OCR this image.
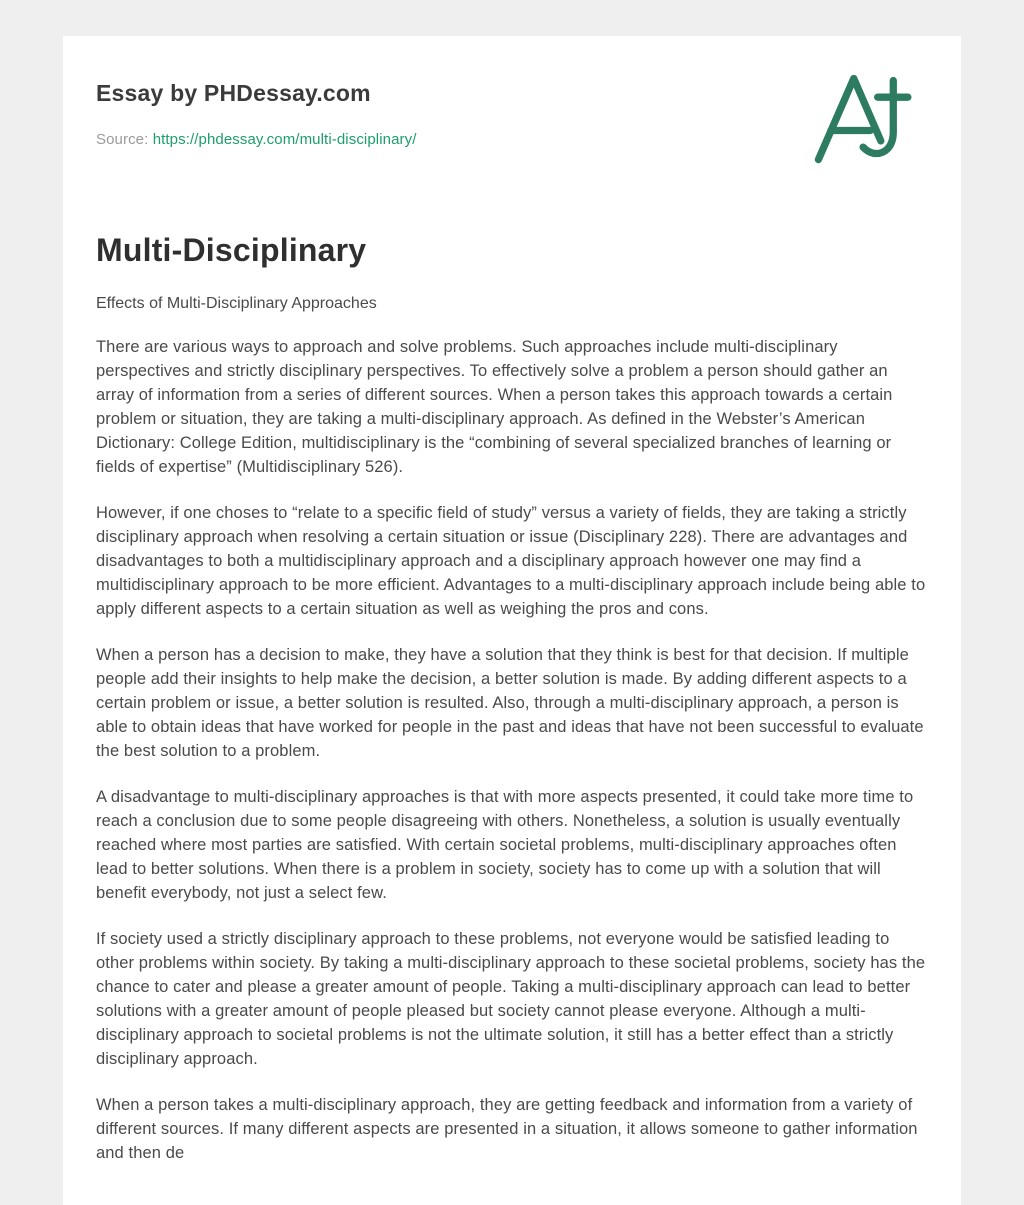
Essay by PHDessay.com
Source: https://phdessay.com/multi-disciplinary/
Multi-Disciplinary
Effects of Multi-Disciplinary Approaches

There are various ways to approach and solve problems. Such approaches include multi-disciplinary perspectives and strictly disciplinary perspectives. To effectively solve a problem a person should gather an array of information from a series of different sources. When a person takes this approach towards a certain problem or situation, they are taking a multi-disciplinary approach. As defined in the Webster’s American Dictionary: College Edition, multidisciplinary is the “combining of several specialized branches of learning or fields of expertise” (Multidisciplinary 526).

However, if one choses to “relate to a specific field of study” versus a variety of fields, they are taking a strictly disciplinary approach when resolving a certain situation or issue (Disciplinary 228). There are advantages and disadvantages to both a multidisciplinary approach and a disciplinary approach however one may find a multidisciplinary approach to be more efficient. Advantages to a multi-disciplinary approach include being able to apply different aspects to a certain situation as well as weighing the pros and cons.

When a person has a decision to make, they have a solution that they think is best for that decision. If multiple people add their insights to help make the decision, a better solution is made. By adding different aspects to a certain problem or issue, a better solution is resulted. Also, through a multi-disciplinary approach, a person is able to obtain ideas that have worked for people in the past and ideas that have not been successful to evaluate the best solution to a problem.

A disadvantage to multi-disciplinary approaches is that with more aspects presented, it could take more time to reach a conclusion due to some people disagreeing with others. Nonetheless, a solution is usually eventually reached where most parties are satisfied. With certain societal problems, multi-disciplinary approaches often lead to better solutions. When there is a problem in society, society has to come up with a solution that will benefit everybody, not just a select few.

If society used a strictly disciplinary approach to these problems, not everyone would be satisfied leading to other problems within society. By taking a multi-disciplinary approach to these societal problems, society has the chance to cater and please a greater amount of people. Taking a multi-disciplinary approach can lead to better solutions with a greater amount of people pleased but society cannot please everyone. Although a multi-disciplinary approach to societal problems is not the ultimate solution, it still has a better effect than a strictly disciplinary approach.

When a person takes a multi-disciplinary approach, they are getting feedback and information from a variety of different sources. If many different aspects are presented in a situation, it allows someone to gather information and then de
